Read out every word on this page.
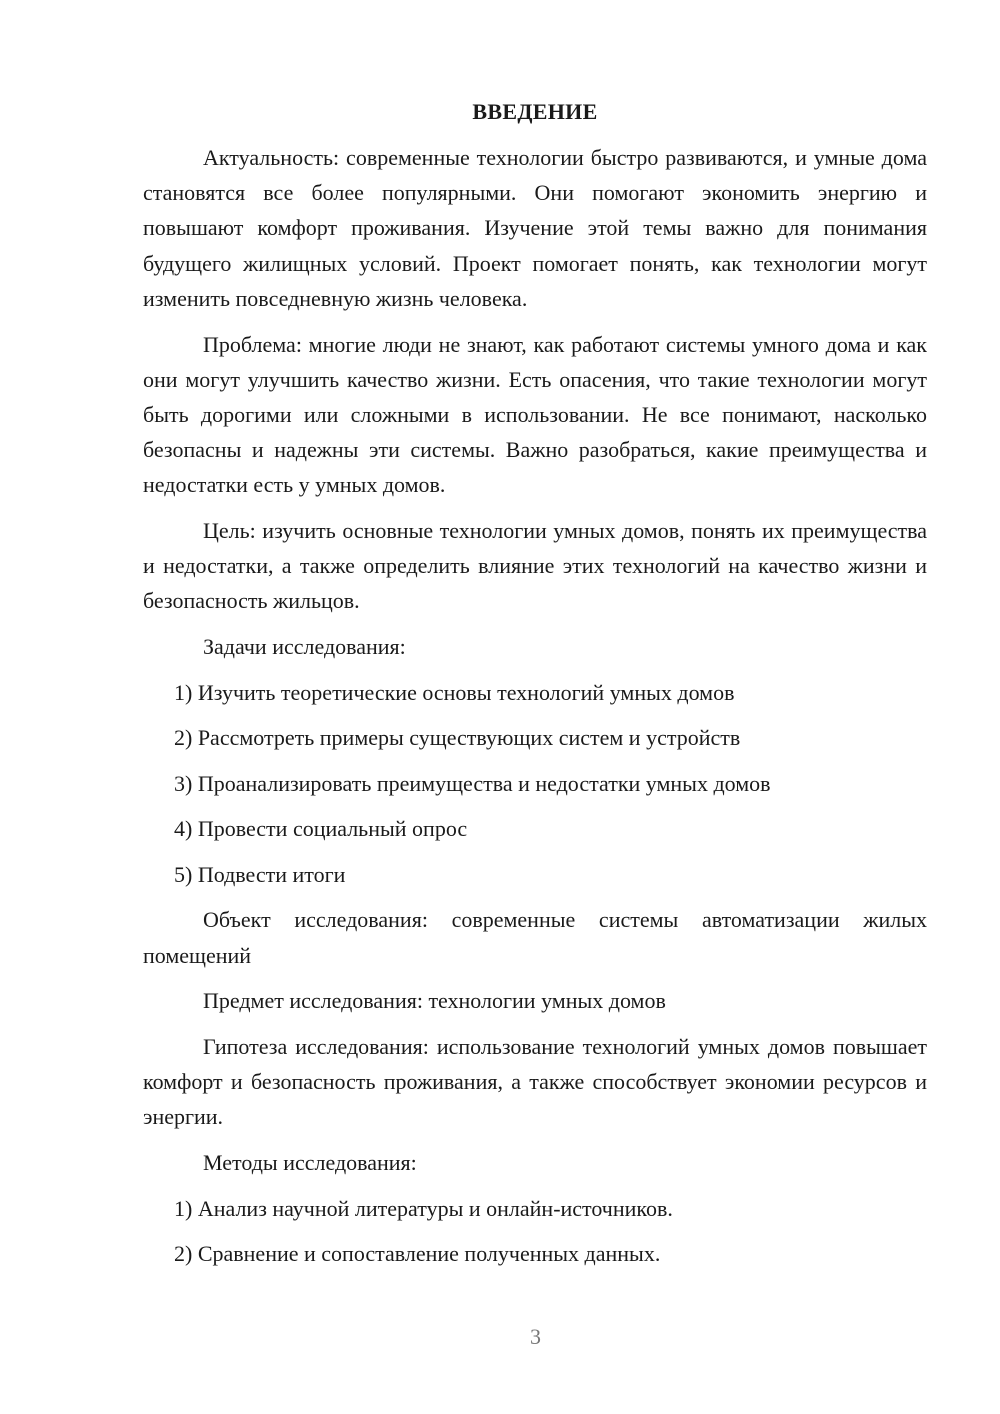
ВВЕДЕНИЕ

Актуальность: современные технологии быстро развиваются, и умные дома становятся все более популярными. Они помогают экономить энергию и повышают комфорт проживания. Изучение этой темы важно для понимания будущего жилищных условий. Проект помогает понять, как технологии могут изменить повседневную жизнь человека.

Проблема: многие люди не знают, как работают системы умного дома и как они могут улучшить качество жизни. Есть опасения, что такие технологии могут быть дорогими или сложными в использовании. Не все понимают, насколько безопасны и надежны эти системы. Важно разобраться, какие преимущества и недостатки есть у умных домов.

Цель: изучить основные технологии умных домов, понять их преимущества и недостатки, а также определить влияние этих технологий на качество жизни и безопасность жильцов.

Задачи исследования:

1) Изучить теоретические основы технологий умных домов

2) Рассмотреть примеры существующих систем и устройств

3) Проанализировать преимущества и недостатки умных домов

4) Провести социальный опрос

5) Подвести итоги

Объект исследования: современные системы автоматизации жилых помещений

Предмет исследования: технологии умных домов

Гипотеза исследования: использование технологий умных домов повышает комфорт и безопасность проживания, а также способствует экономии ресурсов и энергии.

Методы исследования:

1) Анализ научной литературы и онлайн-источников.

2) Сравнение и сопоставление полученных данных.

3
